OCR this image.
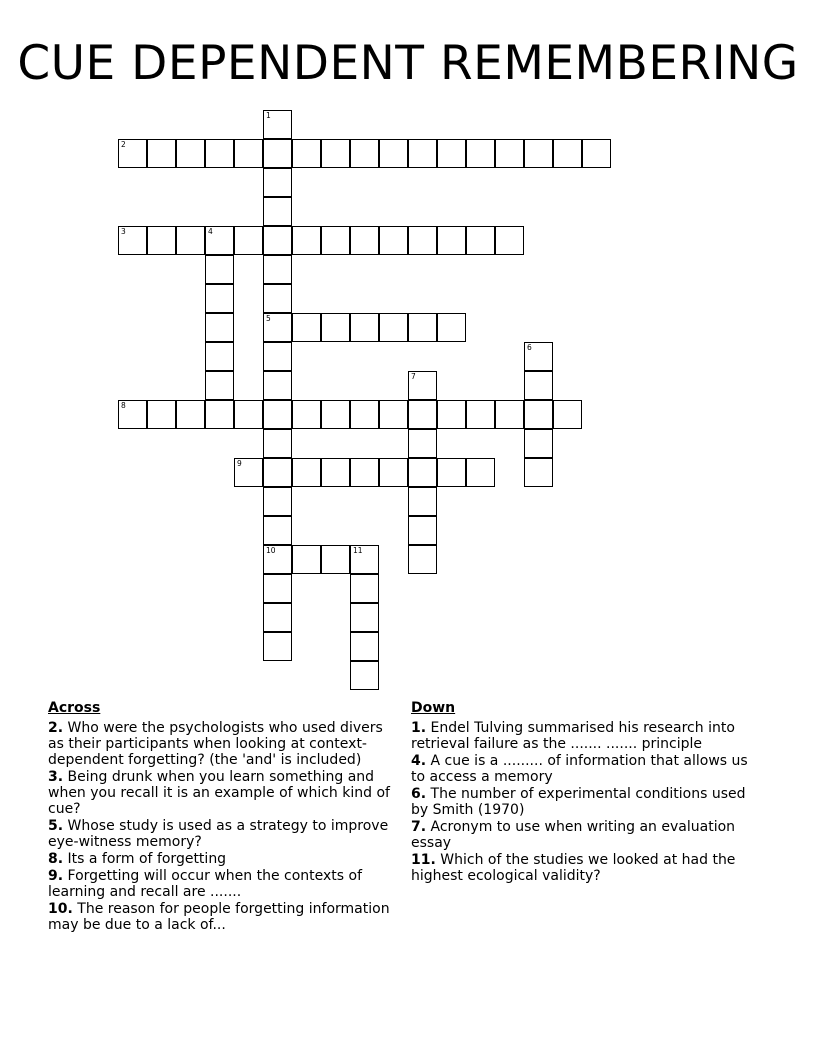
CUE DEPENDENT REMEMBERING
1
5
10
2
3	4
6
7
8
9
11
Across
2. Who were the psychologists who used divers as their participants when looking at context-dependent forgetting? (the 'and' is included)
3. Being drunk when you learn something and when you recall it is an example of which kind of cue?
5. Whose study is used as a strategy to improve eye-witness memory?
8. Its a form of forgetting
9. Forgetting will occur when the contexts of learning and recall are .......
10. The reason for people forgetting information may be due to a lack of...
Down
1. Endel Tulving summarised his research into retrieval failure as the ....... ....... principle
4. A cue is a ......... of information that allows us to access a memory
6. The number of experimental conditions used by Smith (1970)
7. Acronym to use when writing an evaluation essay
11. Which of the studies we looked at had the highest ecological validity?
